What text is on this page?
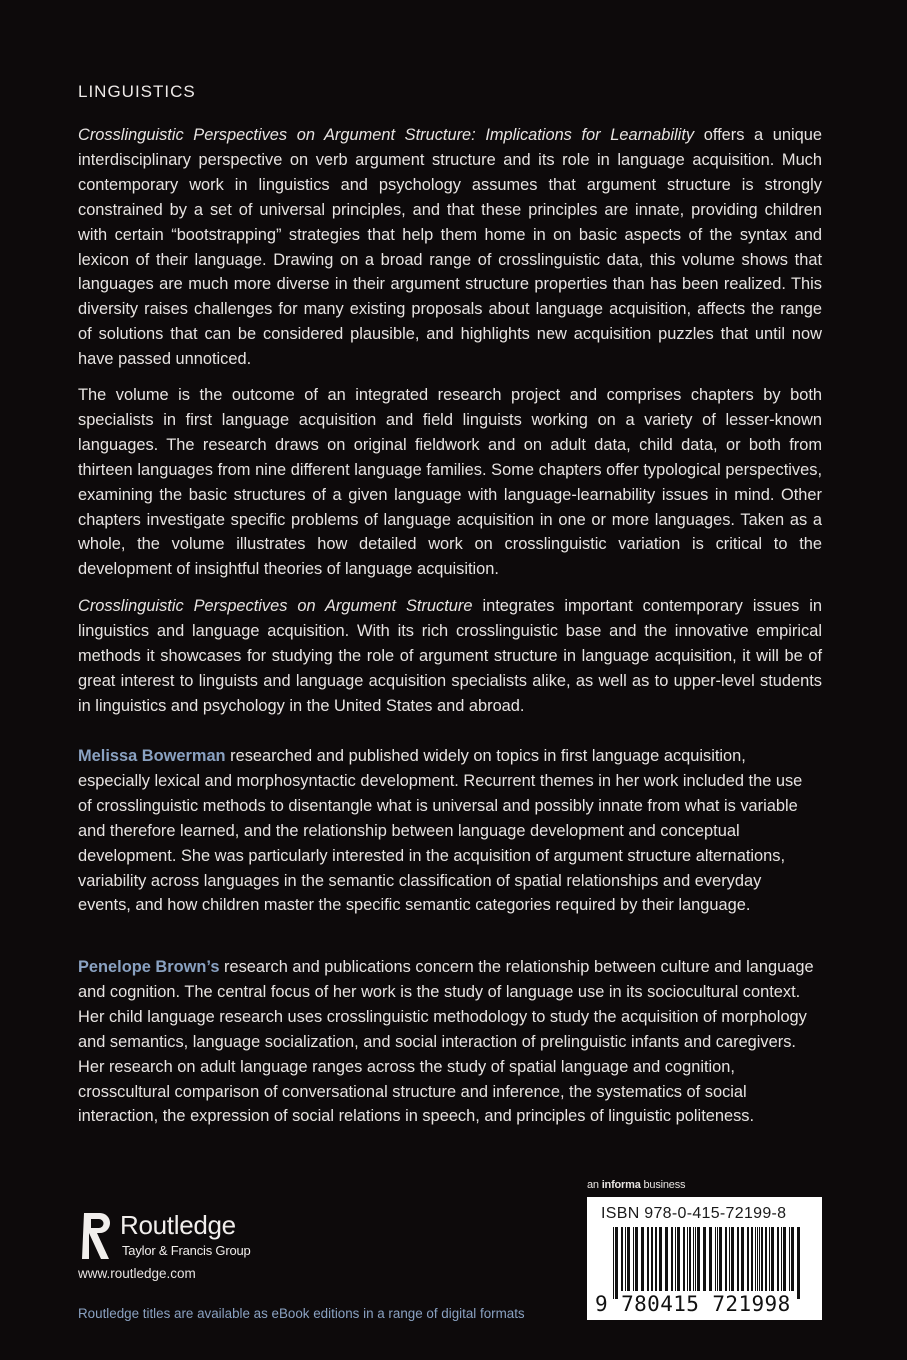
LINGUISTICS

Crosslinguistic Perspectives on Argument Structure: Implications for Learnability offers a unique interdisciplinary perspective on verb argument structure and its role in language acquisition. Much contemporary work in linguistics and psychology assumes that argument structure is strongly constrained by a set of universal principles, and that these principles are innate, providing children with certain “bootstrapping” strategies that help them home in on basic aspects of the syntax and lexicon of their language. Drawing on a broad range of crosslinguistic data, this volume shows that languages are much more diverse in their argument structure properties than has been realized. This diversity raises challenges for many existing proposals about language acquisition, affects the range of solutions that can be considered plausible, and highlights new acquisition puzzles that until now have passed unnoticed.

The volume is the outcome of an integrated research project and comprises chapters by both specialists in first language acquisition and field linguists working on a variety of lesser-known languages. The research draws on original fieldwork and on adult data, child data, or both from thirteen languages from nine different language families. Some chapters offer typological perspectives, examining the basic structures of a given language with language-learnability issues in mind. Other chapters investigate specific problems of language acquisition in one or more languages. Taken as a whole, the volume illustrates how detailed work on crosslinguistic variation is critical to the development of insightful theories of language acquisition.

Crosslinguistic Perspectives on Argument Structure integrates important contemporary issues in linguistics and language acquisition. With its rich crosslinguistic base and the innovative empirical methods it showcases for studying the role of argument structure in language acquisition, it will be of great interest to linguists and language acquisition specialists alike, as well as to upper-level students in linguistics and psychology in the United States and abroad.

Melissa Bowerman researched and published widely on topics in first language acquisition, especially lexical and morphosyntactic development. Recurrent themes in her work included the use of crosslinguistic methods to disentangle what is universal and possibly innate from what is variable and therefore learned, and the relationship between language development and conceptual development. She was particularly interested in the acquisition of argument structure alternations, variability across languages in the semantic classification of spatial relationships and everyday events, and how children master the specific semantic categories required by their language.

Penelope Brown’s research and publications concern the relationship between culture and language and cognition. The central focus of her work is the study of language use in its sociocultural context. Her child language research uses crosslinguistic methodology to study the acquisition of morphology and semantics, language socialization, and social interaction of prelinguistic infants and caregivers. Her research on adult language ranges across the study of spatial language and cognition, crosscultural comparison of conversational structure and inference, the systematics of social interaction, the expression of social relations in speech, and principles of linguistic politeness.

an informa business
ISBN 978-0-415-72199-8
9 780415 721998
Routledge
Taylor & Francis Group
www.routledge.com
Routledge titles are available as eBook editions in a range of digital formats
